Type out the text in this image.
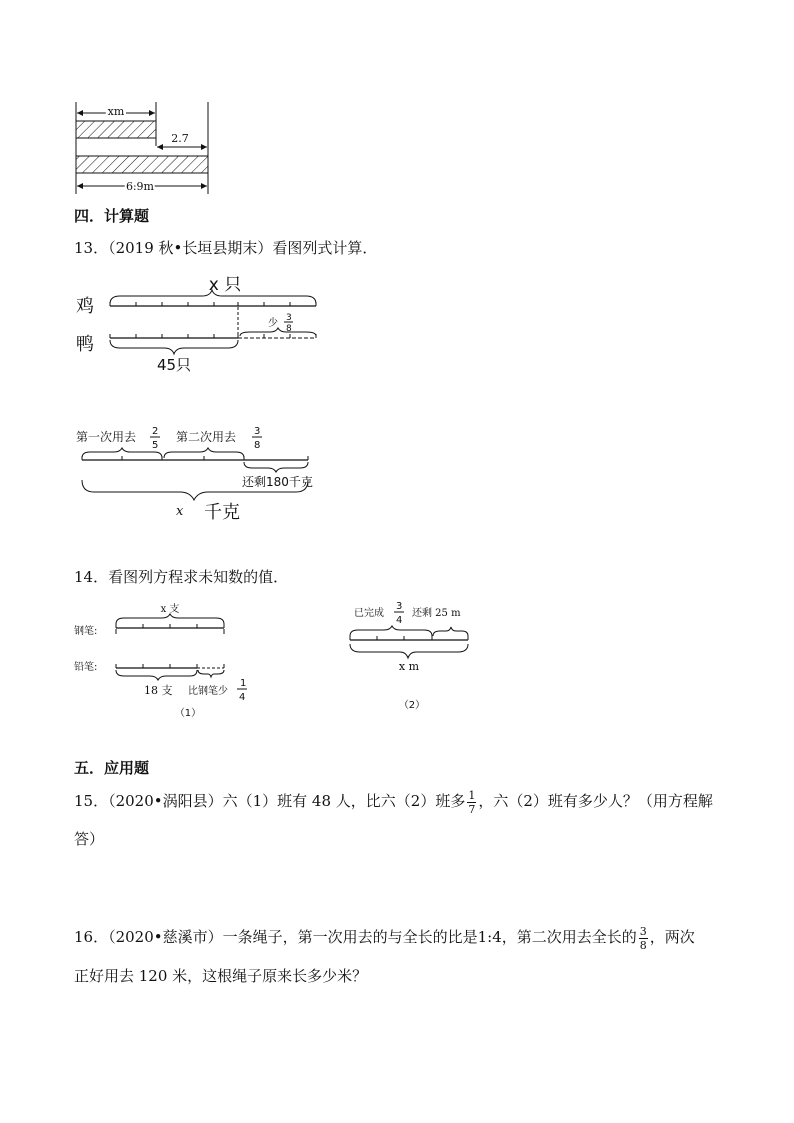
xm
2.7
6.9m
四．计算题
13．（2019 秋•长垣县期末）看图列式计算．
鸡
鸭
x 只
少 3
8
45只
第一次用去 2
5
第二次用去 3
8
还剩180千克
x 千克
14．看图列方程求未知数的值．
x 支
钢笔:
铅笔:
18 支 比钢笔少
1
4
（1）
已完成
3
4
还剩 25 m
x m
（2）
五．应用题
15．（2020•涡阳县）六（1）班有 48 人，比六（2）班多 $\frac{1}{7}$ ，六（2）班有多少人？（用方程解
答）
16．（2020•慈溪市）一条绳子，第一次用去的与全长的比是1:4，第二次用去全长的 $\frac{3}{8}$ ，两次
正好用去 120 米，这根绳子原来长多少米？
